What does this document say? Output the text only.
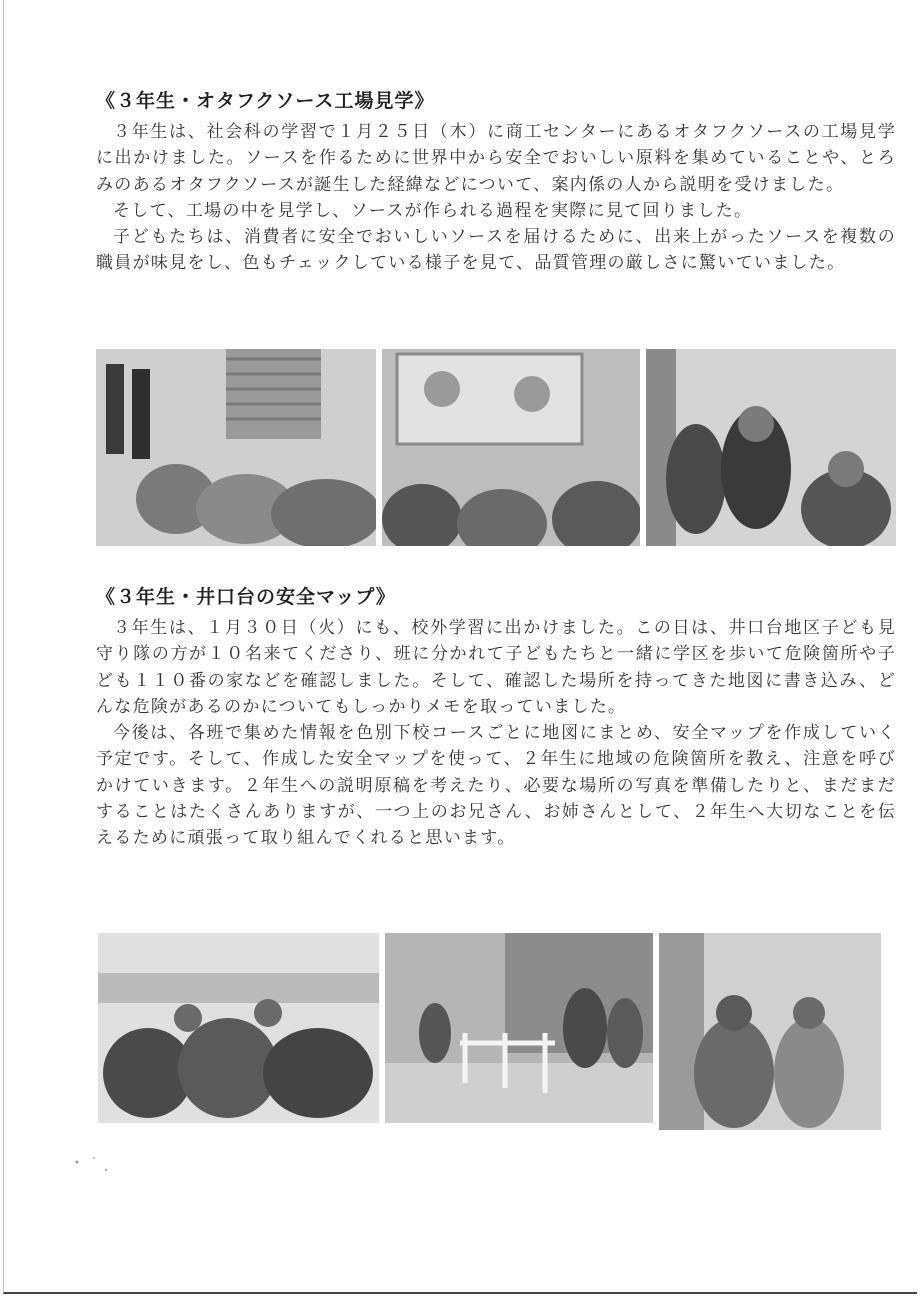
《３年生・オタフクソース工場見学》

３年生は、社会科の学習で１月２５日（木）に商工センターにあるオタフクソースの工場見学に出かけました。ソースを作るために世界中から安全でおいしい原料を集めていることや、とろみのあるオタフクソースが誕生した経緯などについて、案内係の人から説明を受けました。

そして、工場の中を見学し、ソースが作られる過程を実際に見て回りました。

子どもたちは、消費者に安全でおいしいソースを届けるために、出来上がったソースを複数の職員が味見をし、色もチェックしている様子を見て、品質管理の厳しさに驚いていました。

《３年生・井口台の安全マップ》

３年生は、１月３０日（火）にも、校外学習に出かけました。この日は、井口台地区子ども見守り隊の方が１０名来てくださり、班に分かれて子どもたちと一緒に学区を歩いて危険箇所や子ども１１０番の家などを確認しました。そして、確認した場所を持ってきた地図に書き込み、どんな危険があるのかについてもしっかりメモを取っていました。

今後は、各班で集めた情報を色別下校コースごとに地図にまとめ、安全マップを作成していく予定です。そして、作成した安全マップを使って、２年生に地域の危険箇所を教え、注意を呼びかけていきます。２年生への説明原稿を考えたり、必要な場所の写真を準備したりと、まだまだすることはたくさんありますが、一つ上のお兄さん、お姉さんとして、２年生へ大切なことを伝えるために頑張って取り組んでくれると思います。
